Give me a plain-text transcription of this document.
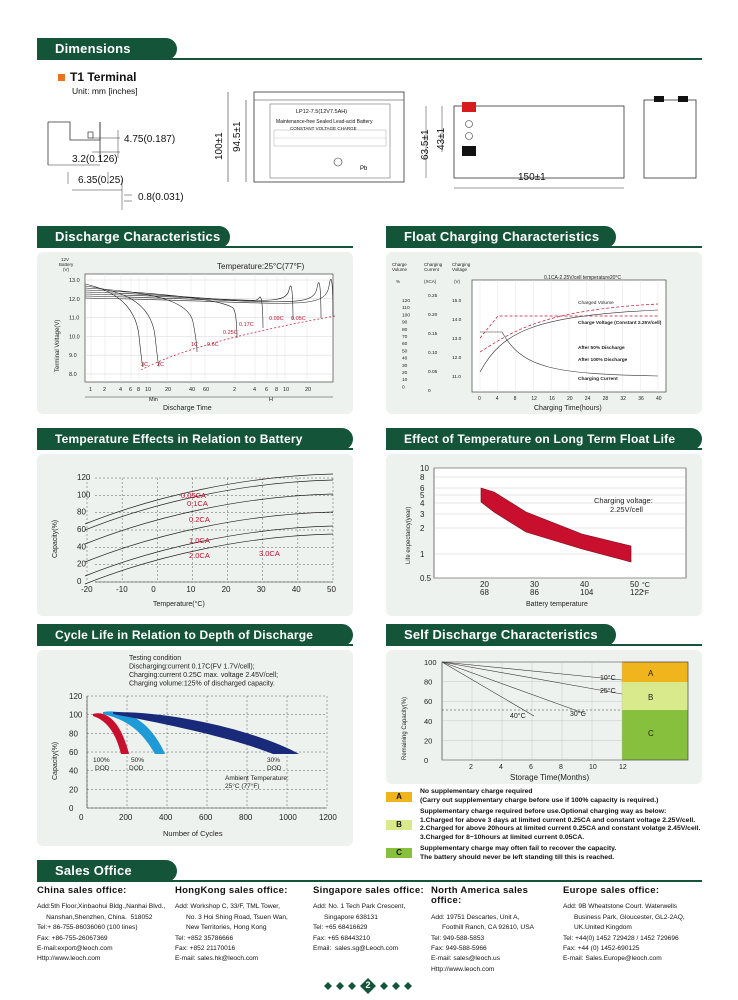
Dimensions
T1 Terminal
Unit: mm [inches]
4.75(0.187)
3.2(0.126)
6.35(0.25)
0.8(0.031)
Pb
100±1 94.5±1
LP12-7.5(12V7.5AH)
Maintenance-free Sealed Lead-acid Battery
CONSTANT VOLTAGE CHARGE
63.5±1 43±1
150±1
Discharge Characteristics
12V
Battery
(V)	Temperature:25°C(77°F)
13.0
12.0
11.0
10.0
9.0
8.0
1 2 4 6 8 10	20	40 60	2	4 6 8 10	20
Min	H
Discharge Time
Terminal Voltage(V)	3C 2C
1C 0.6C
0.25C
0.17C
0.09C 0.05C
Float Charging Characteristics
Charge
Volume
Charging
Current
Charging
Voltage
%	(XCA)	(V)
0.1CA-2.25V/cell temperature20°C
120
110
100
90
80
70
60
50
40
30
20
10
0
0.25
0.20
0.15
0.10
0.05
0
15.0
14.0
13.0
12.0
11.0
0	4	8	12 16 20 24 28 32 36 40
Charging Time(hours)
Charged Volume
Charge Voltage (Constant 2.25V/cell)
After 50% Discharge
After 100% Discharge
Charging Current
Temperature Effects in Relation to Battery
120
100
80
60
40
20
0
-20	-10	0	10	20	30	40	50
Temperature(°C)
Capacity(%)
0.05CA
0.1CA
0.2CA
1.0CA
2.0CA	3.0CA
Effect of Temperature on Long Term Float Life
10
8
6
5
4
3
2
1
0.5
20
68
30
86
40
104
50
122
°C
°F
Battery temperature
Life expectancy(year)
Charging voltage:
2.25V/cell
Cycle Life in Relation to Depth of Discharge
Testing condition
Discharging:current 0.17C(FV 1.7V/cell);
Charging:current 0.25C max. voltage 2.45V/cell;
Charging volume:125% of discharged capacity.
120
100
80
60
40
20
0
0	200	400	600	800	1000	1200
Number of Cycles
Capacity(%)	100%
DOD
50%
DOD
30%
DOD
Ambient Temperature:
25°C (77°F)
Self Discharge Characteristics
A
B
C
100
80
60
40
20
0
2	4	6	8	10	12
10°C
25°C
30°C
40°C
Remaining Capacity(%)
Storage Time(Months)
A
No supplementary charge required
(Carry out supplementary charge before use if 100% capacity is required.)
B
Supplementary charge required before use.Optional charging way as below:
1.Charged for above 3 days at limited current 0.25CA and constant voltage 2.25V/cell.
2.Charged for above 20hours at limited current 0.25CA and constant volatge 2.45V/cell.
3.Charged for 8~10hours at limited current 0.05CA.
C	Supplementary charge may often fail to recover the capacity.
The battery should never be left standing till this is reached.
Sales Office
China sales office:
Add:5th Floor,Xinbaohui Bldg.,Nanhai Blvd.,
Nanshan,Shenzhen, China.  518052
Tel:+ 86-755-86036060 (100 lines)
Fax: +86-755-26067369
E-mail:export@leoch.com
Http://www.leoch.com
HongKong sales office:
Add: Workshop C, 33/F, TML Tower,
No. 3 Hoi Shing Road, Tsuen Wan,
New Territories, Hong Kong
Tel: +852 35786666
Fax: +852 21170016
E-mail: sales.hk@leoch.com
Singapore sales office:
Add: No. 1 Tech Park Crescent,
Singapore 638131
Tel: +65 68416629
Fax: +65 68443210
Email:  sales.sg@Leoch.com
North America sales office:
Add: 19751 Descartes, Unit A,
Foothill Ranch, CA 92610, USA
Tel: 949-588-5853
Fax: 949-588-5966
E-mail: sales@leoch.us
Http://www.leoch.com
Europe sales office:
Add: 9B Wheatstone Court. Waterwells
Business Park, Gloucester, GL2-2AQ,
UK.United Kingdom
Tel: +44(0) 1452 729428 / 1452 729696
Fax: +44 (0) 1452-690125
E-mail: Sales.Europe@leoch.com
2
